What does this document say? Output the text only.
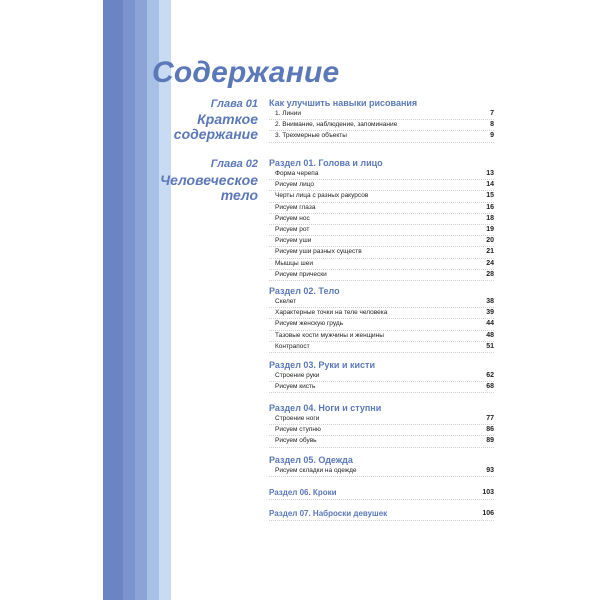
Содержание
Глава 01
Краткое содержание
Глава 02
Человеческое тело
Как улучшить навыки рисования
1. Линии	7
2. Внимание, наблюдение, запоминание	8
3. Трехмерные объекты	9
Раздел 01. Голова и лицо
Форма черепа	13
Рисуем лицо	14
Черты лица с разных ракурсов	15
Рисуем глаза	16
Рисуем нос	18
Рисуем рот	19
Рисуем уши	20
Рисуем уши разных существ	21
Мышцы шеи	24
Рисуем прически	28
Раздел 02. Тело
Скелет	38
Характерные точки на теле человека	39
Рисуем женскую грудь	44
Тазовые кости мужчины и женщины	48
Контрапост	51
Раздел 03. Руки и кисти
Строение руки	62
Рисуем кисть	68
Раздел 04. Ноги и ступни
Строение ноги	77
Рисуем ступню	86
Рисуем обувь	89
Раздел 05. Одежда
Рисуем складки на одежде	93
Раздел 06. Кроки	103
Раздел 07. Наброски девушек	106
